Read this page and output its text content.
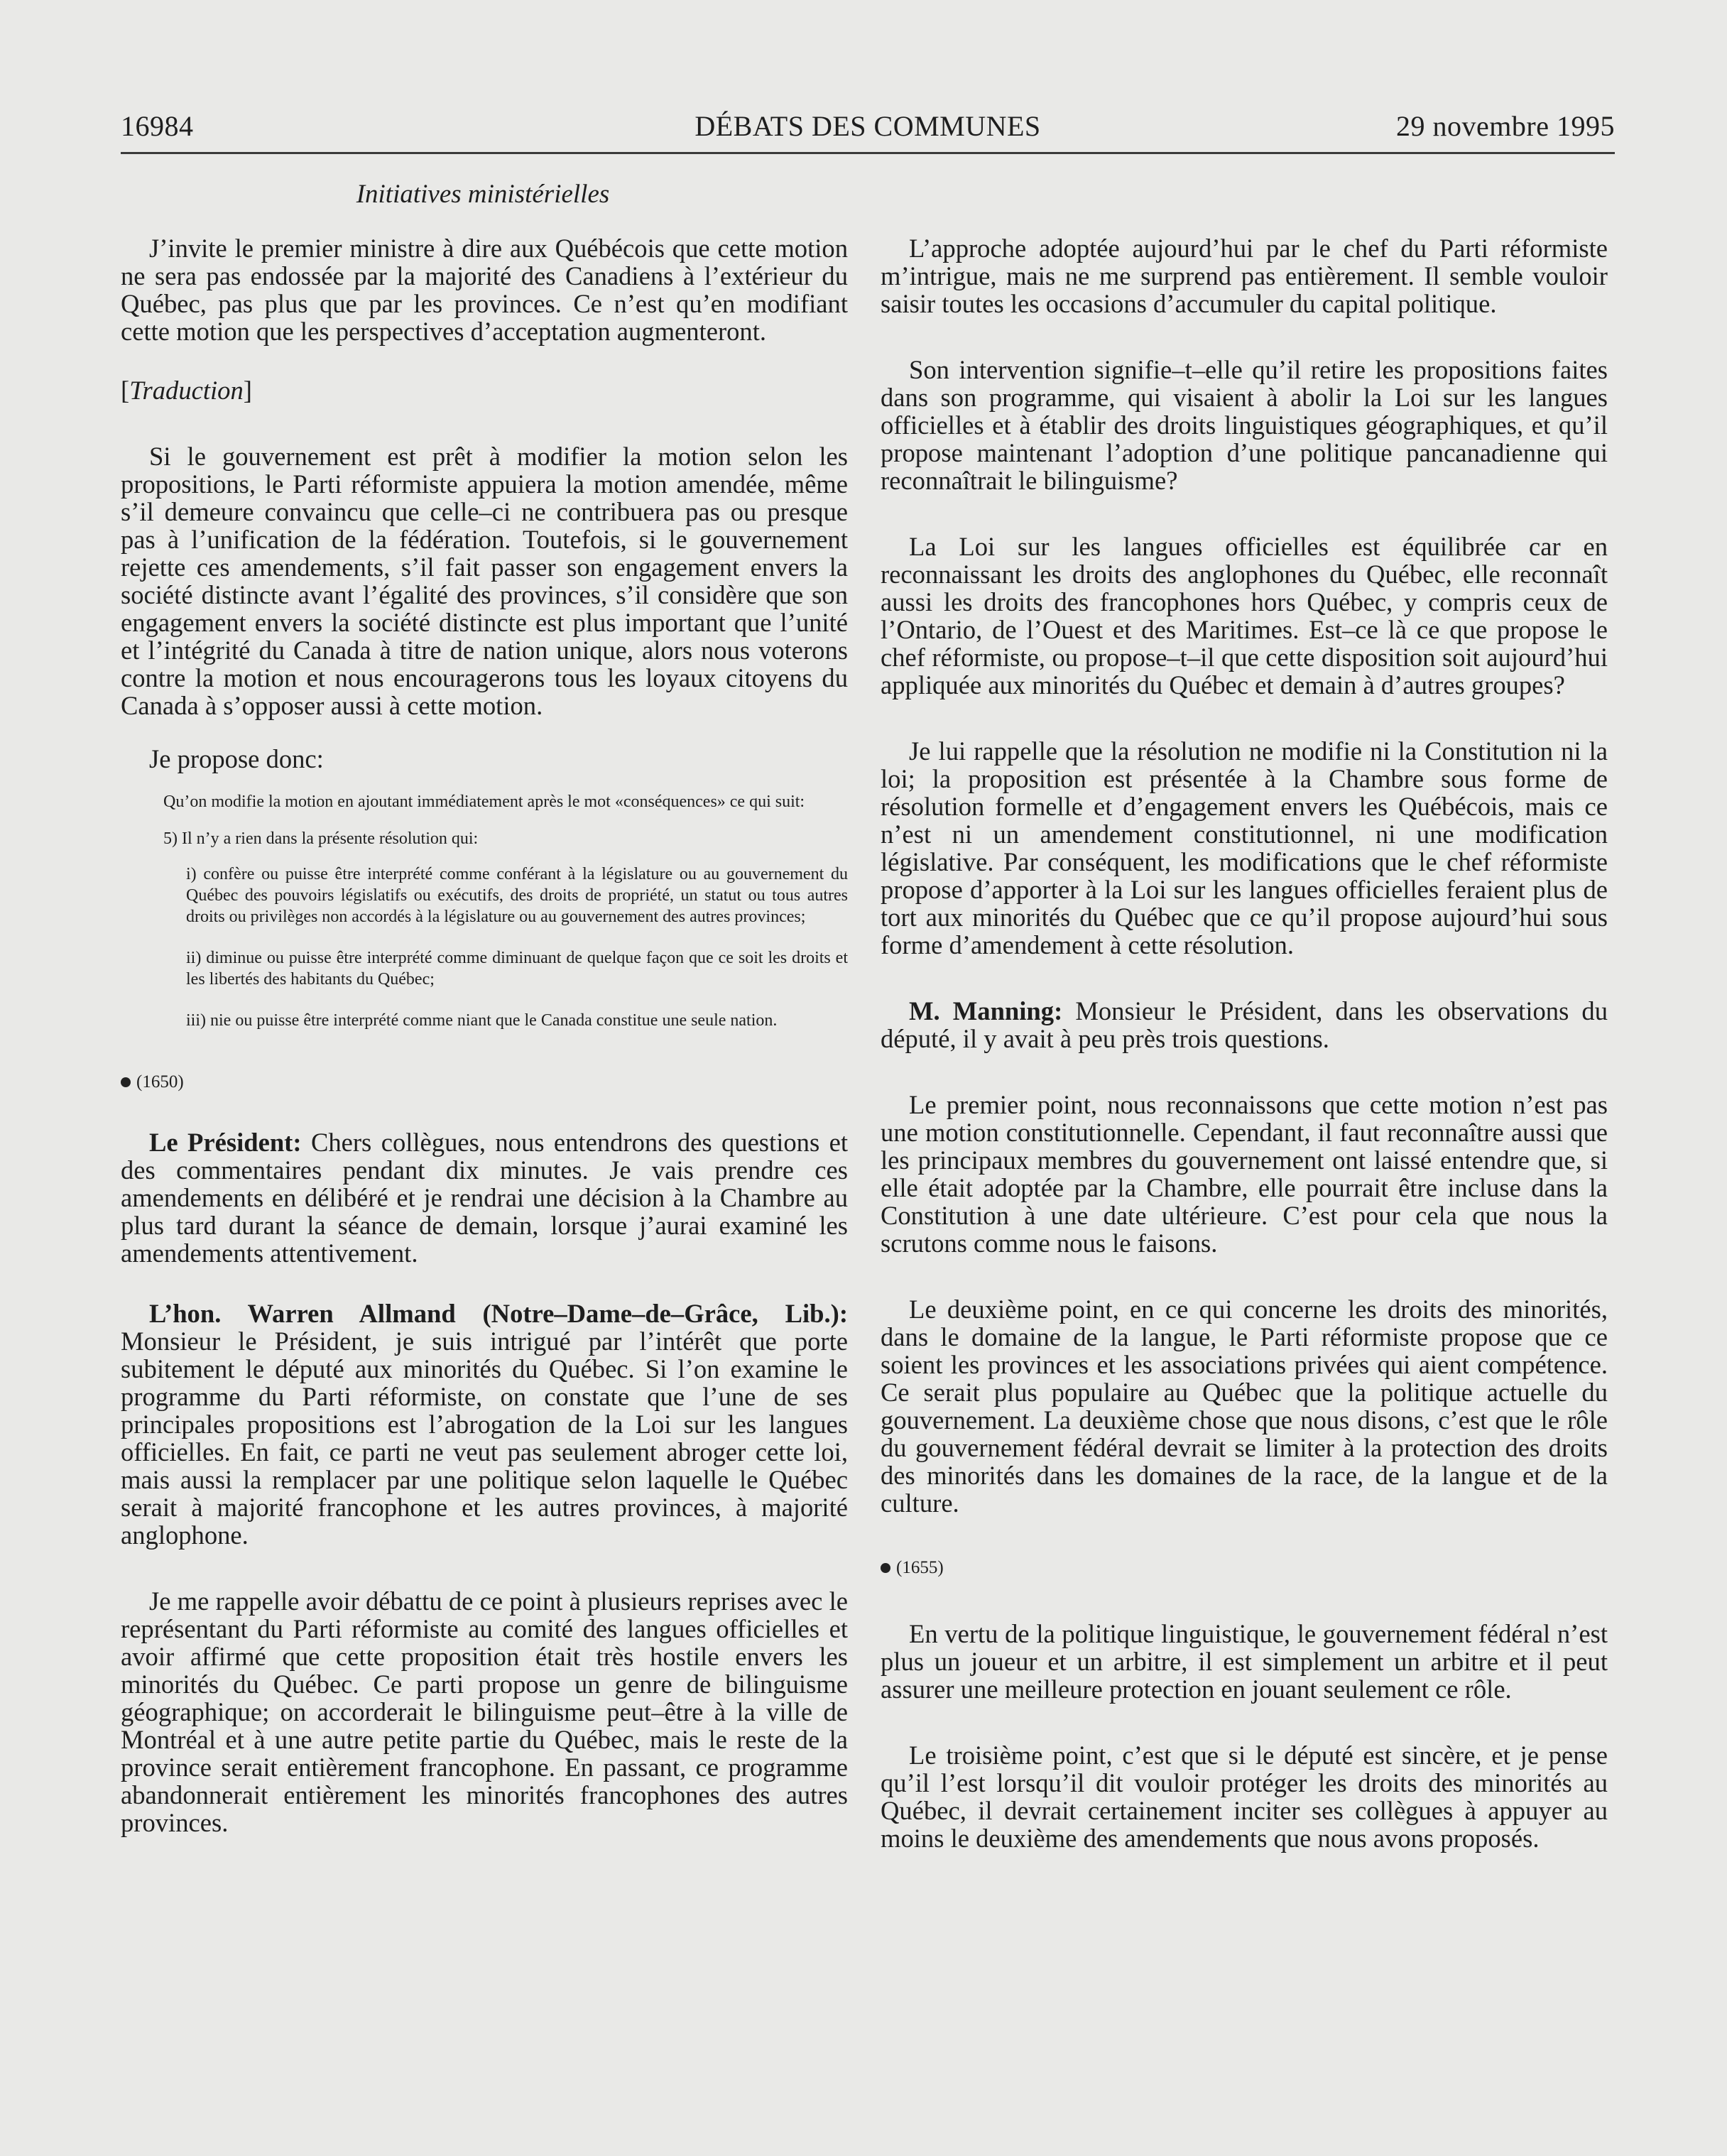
16984	DÉBATS DES COMMUNES	29 novembre 1995
Initiatives ministérielles

J’invite le premier ministre à dire aux Québécois que cette motion ne sera pas endossée par la majorité des Canadiens à l’extérieur du Québec, pas plus que par les provinces. Ce n’est qu’en modifiant cette motion que les perspectives d’acceptation augmenteront.

[Traduction]

Si le gouvernement est prêt à modifier la motion selon les propositions, le Parti réformiste appuiera la motion amendée, même s’il demeure convaincu que celle–ci ne contribuera pas ou presque pas à l’unification de la fédération. Toutefois, si le gouvernement rejette ces amendements, s’il fait passer son engagement envers la société distincte avant l’égalité des provinces, s’il considère que son engagement envers la société distincte est plus important que l’unité et l’intégrité du Canada à titre de nation unique, alors nous voterons contre la motion et nous encouragerons tous les loyaux citoyens du Canada à s’opposer aussi à cette motion.

Je propose donc:

Qu’on modifie la motion en ajoutant immédiatement après le mot «conséquences» ce qui suit:

5) Il n’y a rien dans la présente résolution qui:

i) confère ou puisse être interprété comme conférant à la législature ou au gouvernement du Québec des pouvoirs législatifs ou exécutifs, des droits de propriété, un statut ou tous autres droits ou privilèges non accordés à la législature ou au gouvernement des autres provinces;

ii) diminue ou puisse être interprété comme diminuant de quelque façon que ce soit les droits et les libertés des habitants du Québec;

iii) nie ou puisse être interprété comme niant que le Canada constitue une seule nation.

(1650)

Le Président: Chers collègues, nous entendrons des questions et des commentaires pendant dix minutes. Je vais prendre ces amendements en délibéré et je rendrai une décision à la Chambre au plus tard durant la séance de demain, lorsque j’aurai examiné les amendements attentivement.

L’hon. Warren Allmand (Notre–Dame–de–Grâce, Lib.): Monsieur le Président, je suis intrigué par l’intérêt que porte subitement le député aux minorités du Québec. Si l’on examine le programme du Parti réformiste, on constate que l’une de ses principales propositions est l’abrogation de la Loi sur les langues officielles. En fait, ce parti ne veut pas seulement abroger cette loi, mais aussi la remplacer par une politique selon laquelle le Québec serait à majorité francophone et les autres provinces, à majorité anglophone.

Je me rappelle avoir débattu de ce point à plusieurs reprises avec le représentant du Parti réformiste au comité des langues officielles et avoir affirmé que cette proposition était très hostile envers les minorités du Québec. Ce parti propose un genre de bilinguisme géographique; on accorderait le bilinguisme peut–être à la ville de Montréal et à une autre petite partie du Québec, mais le reste de la province serait entièrement francophone. En passant, ce programme abandonnerait entièrement les minorités francophones des autres provinces.

L’approche adoptée aujourd’hui par le chef du Parti réformiste m’intrigue, mais ne me surprend pas entièrement. Il semble vouloir saisir toutes les occasions d’accumuler du capital politique.

Son intervention signifie–t–elle qu’il retire les propositions faites dans son programme, qui visaient à abolir la Loi sur les langues officielles et à établir des droits linguistiques géographiques, et qu’il propose maintenant l’adoption d’une politique pancanadienne qui reconnaîtrait le bilinguisme?

La Loi sur les langues officielles est équilibrée car en reconnaissant les droits des anglophones du Québec, elle reconnaît aussi les droits des francophones hors Québec, y compris ceux de l’Ontario, de l’Ouest et des Maritimes. Est–ce là ce que propose le chef réformiste, ou propose–t–il que cette disposition soit aujourd’hui appliquée aux minorités du Québec et demain à d’autres groupes?

Je lui rappelle que la résolution ne modifie ni la Constitution ni la loi; la proposition est présentée à la Chambre sous forme de résolution formelle et d’engagement envers les Québécois, mais ce n’est ni un amendement constitutionnel, ni une modification législative. Par conséquent, les modifications que le chef réformiste propose d’apporter à la Loi sur les langues officielles feraient plus de tort aux minorités du Québec que ce qu’il propose aujourd’hui sous forme d’amendement à cette résolution.

M. Manning: Monsieur le Président, dans les observations du député, il y avait à peu près trois questions.

Le premier point, nous reconnaissons que cette motion n’est pas une motion constitutionnelle. Cependant, il faut reconnaître aussi que les principaux membres du gouvernement ont laissé entendre que, si elle était adoptée par la Chambre, elle pourrait être incluse dans la Constitution à une date ultérieure. C’est pour cela que nous la scrutons comme nous le faisons.

Le deuxième point, en ce qui concerne les droits des minorités, dans le domaine de la langue, le Parti réformiste propose que ce soient les provinces et les associations privées qui aient compétence. Ce serait plus populaire au Québec que la politique actuelle du gouvernement. La deuxième chose que nous disons, c’est que le rôle du gouvernement fédéral devrait se limiter à la protection des droits des minorités dans les domaines de la race, de la langue et de la culture.

(1655)

En vertu de la politique linguistique, le gouvernement fédéral n’est plus un joueur et un arbitre, il est simplement un arbitre et il peut assurer une meilleure protection en jouant seulement ce rôle.

Le troisième point, c’est que si le député est sincère, et je pense qu’il l’est lorsqu’il dit vouloir protéger les droits des minorités au Québec, il devrait certainement inciter ses collègues à appuyer au moins le deuxième des amendements que nous avons proposés.
